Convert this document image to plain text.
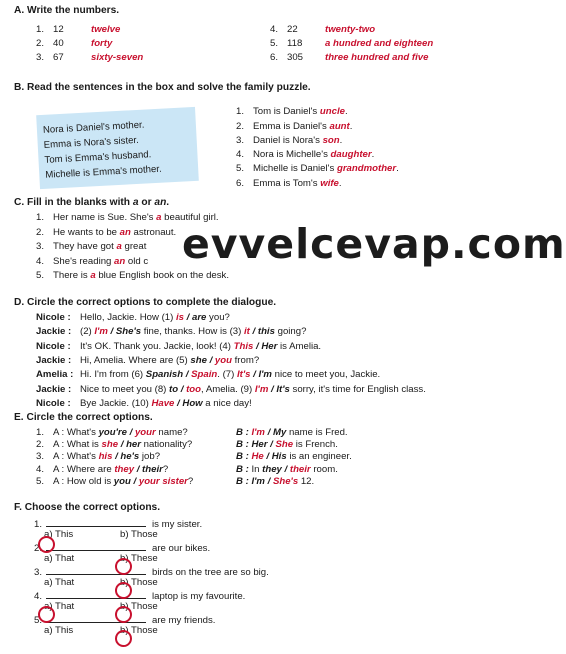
A. Write the numbers.
1. 12	twelve
2. 40	forty
3. 67	sixty-seven
4. 22	twenty-two
5. 118 a hundred and eighteen
6. 305 three hundred and five
B. Read the sentences in the box and solve the family puzzle.
Nora is Daniel's mother.
Emma is Nora's sister.
Tom is Emma's husband.
Michelle is Emma's mother.
1. Tom is Daniel's uncle.
2. Emma is Daniel's aunt.
3. Daniel is Nora's son.
4. Nora is Michelle's daughter.
5. Michelle is Daniel's grandmother.
6. Emma is Tom's wife.
C. Fill in the blanks with a or an.
1. Her name is Sue. She's a beautiful girl.
2. He wants to be an astronaut.
3. They have got a great
4. She's reading an old c
5. There is a blue English book on the desk.
evvelcevap.com
D. Circle the correct options to complete the dialogue.
Nicole : Hello, Jackie. How (1) is / are you?
Jackie : (2) I'm / She's fine, thanks. How is (3) it / this going?
Nicole : It's OK. Thank you. Jackie, look! (4) This / Her is Amelia.
Jackie : Hi, Amelia. Where are (5) she / you from?
Amelia : Hi. I'm from (6) Spanish / Spain. (7) It's / I'm nice to meet you, Jackie.
Jackie : Nice to meet you (8) to / too, Amelia. (9) I'm / It's sorry, it's time for English class.
Nicole : Bye Jackie. (10) Have / How a nice day!
E. Circle the correct options.
1. A : What's you're / your name?	B : I'm / My name is Fred.
2. A : What is she / her nationality?	B : Her / She is French.
3. A : What's his / he's job?	B : He / His is an engineer.
4. A : Where are they / their?	B : In they / their room.
5. A : How old is you / your sister?	B : I'm / She's 12.
F. Choose the correct options.
1.	is my sister.
a) This	b) Those
2.	are our bikes.
a) That	b) These
3.	birds on the tree are so big.
a) That	b) Those
4.	laptop is my favourite.
a) That	b) Those
5.	are my friends.
a) This	b) Those
